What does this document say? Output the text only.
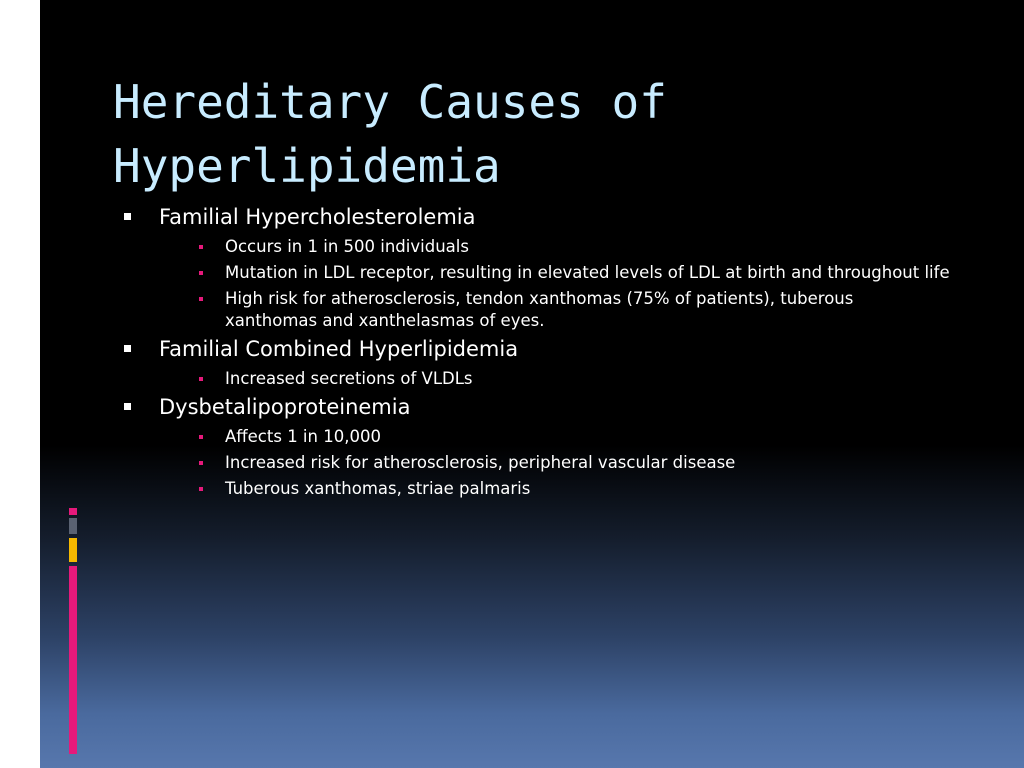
Hereditary Causes of Hyperlipidemia
Familial Hypercholesterolemia
Occurs in 1 in 500 individuals
Mutation in LDL receptor, resulting in elevated levels of LDL at birth and throughout life
High risk for atherosclerosis, tendon xanthomas (75% of patients), tuberous xanthomas and xanthelasmas of eyes.
Familial Combined Hyperlipidemia
Increased secretions of VLDLs
Dysbetalipoproteinemia
Affects 1 in 10,000
Increased risk for atherosclerosis, peripheral vascular disease
Tuberous xanthomas, striae palmaris
